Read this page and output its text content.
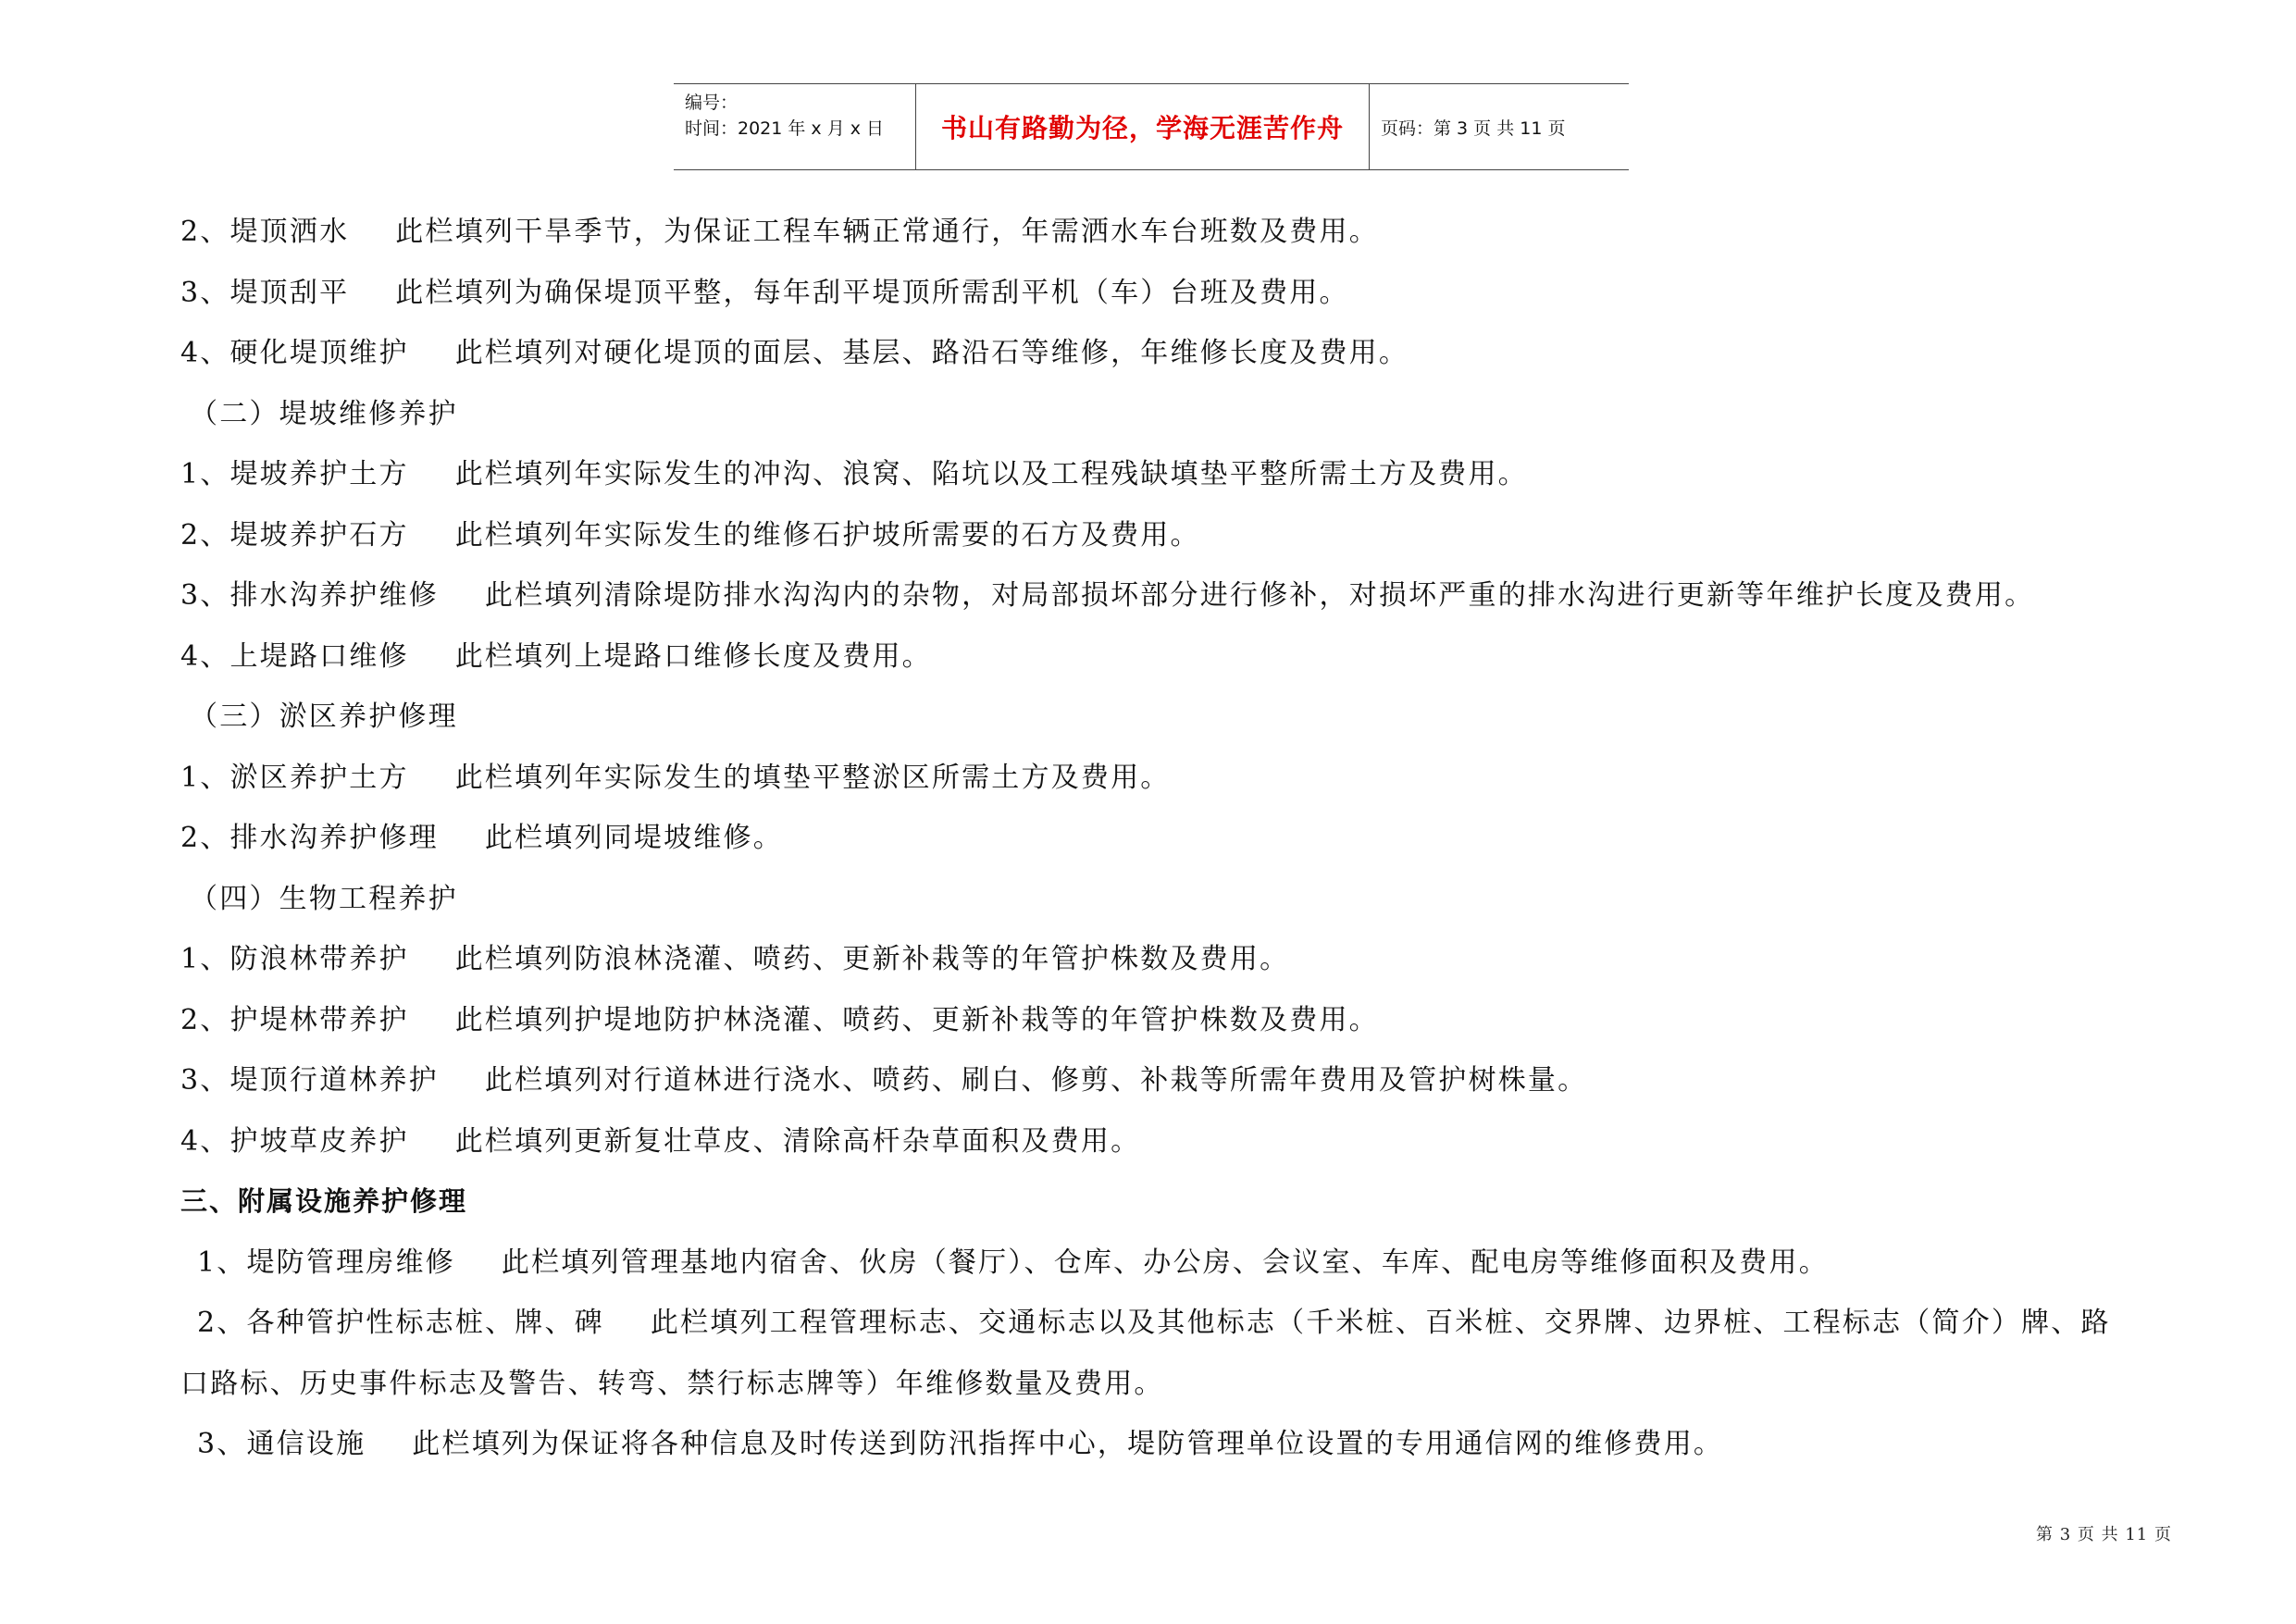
编号：
时间：2021 年 x 月 x 日	书山有路勤为径，学海无涯苦作舟	页码：第 3 页 共 11 页
2、堤顶洒水 此栏填列干旱季节，为保证工程车辆正常通行，年需洒水车台班数及费用。
3、堤顶刮平 此栏填列为确保堤顶平整，每年刮平堤顶所需刮平机（车）台班及费用。
4、硬化堤顶维护 此栏填列对硬化堤顶的面层、基层、路沿石等维修，年维修长度及费用。
（二）堤坡维修养护
1、堤坡养护土方 此栏填列年实际发生的冲沟、浪窝、陷坑以及工程残缺填垫平整所需土方及费用。
2、堤坡养护石方 此栏填列年实际发生的维修石护坡所需要的石方及费用。
3、排水沟养护维修 此栏填列清除堤防排水沟沟内的杂物，对局部损坏部分进行修补，对损坏严重的排水沟进行更新等年维护长度及费用。
4、上堤路口维修 此栏填列上堤路口维修长度及费用。
（三）淤区养护修理
1、淤区养护土方 此栏填列年实际发生的填垫平整淤区所需土方及费用。
2、排水沟养护修理 此栏填列同堤坡维修。
（四）生物工程养护
1、防浪林带养护 此栏填列防浪林浇灌、喷药、更新补栽等的年管护株数及费用。
2、护堤林带养护 此栏填列护堤地防护林浇灌、喷药、更新补栽等的年管护株数及费用。
3、堤顶行道林养护 此栏填列对行道林进行浇水、喷药、刷白、修剪、补栽等所需年费用及管护树株量。
4、护坡草皮养护 此栏填列更新复壮草皮、清除高杆杂草面积及费用。
三、附属设施养护修理
1、堤防管理房维修 此栏填列管理基地内宿舍、伙房（餐厅）、仓库、办公房、会议室、车库、配电房等维修面积及费用。
2、各种管护性标志桩、牌、碑 此栏填列工程管理标志、交通标志以及其他标志（千米桩、百米桩、交界牌、边界桩、工程标志（简介）牌、路
口路标、历史事件标志及警告、转弯、禁行标志牌等）年维修数量及费用。
3、通信设施 此栏填列为保证将各种信息及时传送到防汛指挥中心，堤防管理单位设置的专用通信网的维修费用。
第 3 页 共 11 页
